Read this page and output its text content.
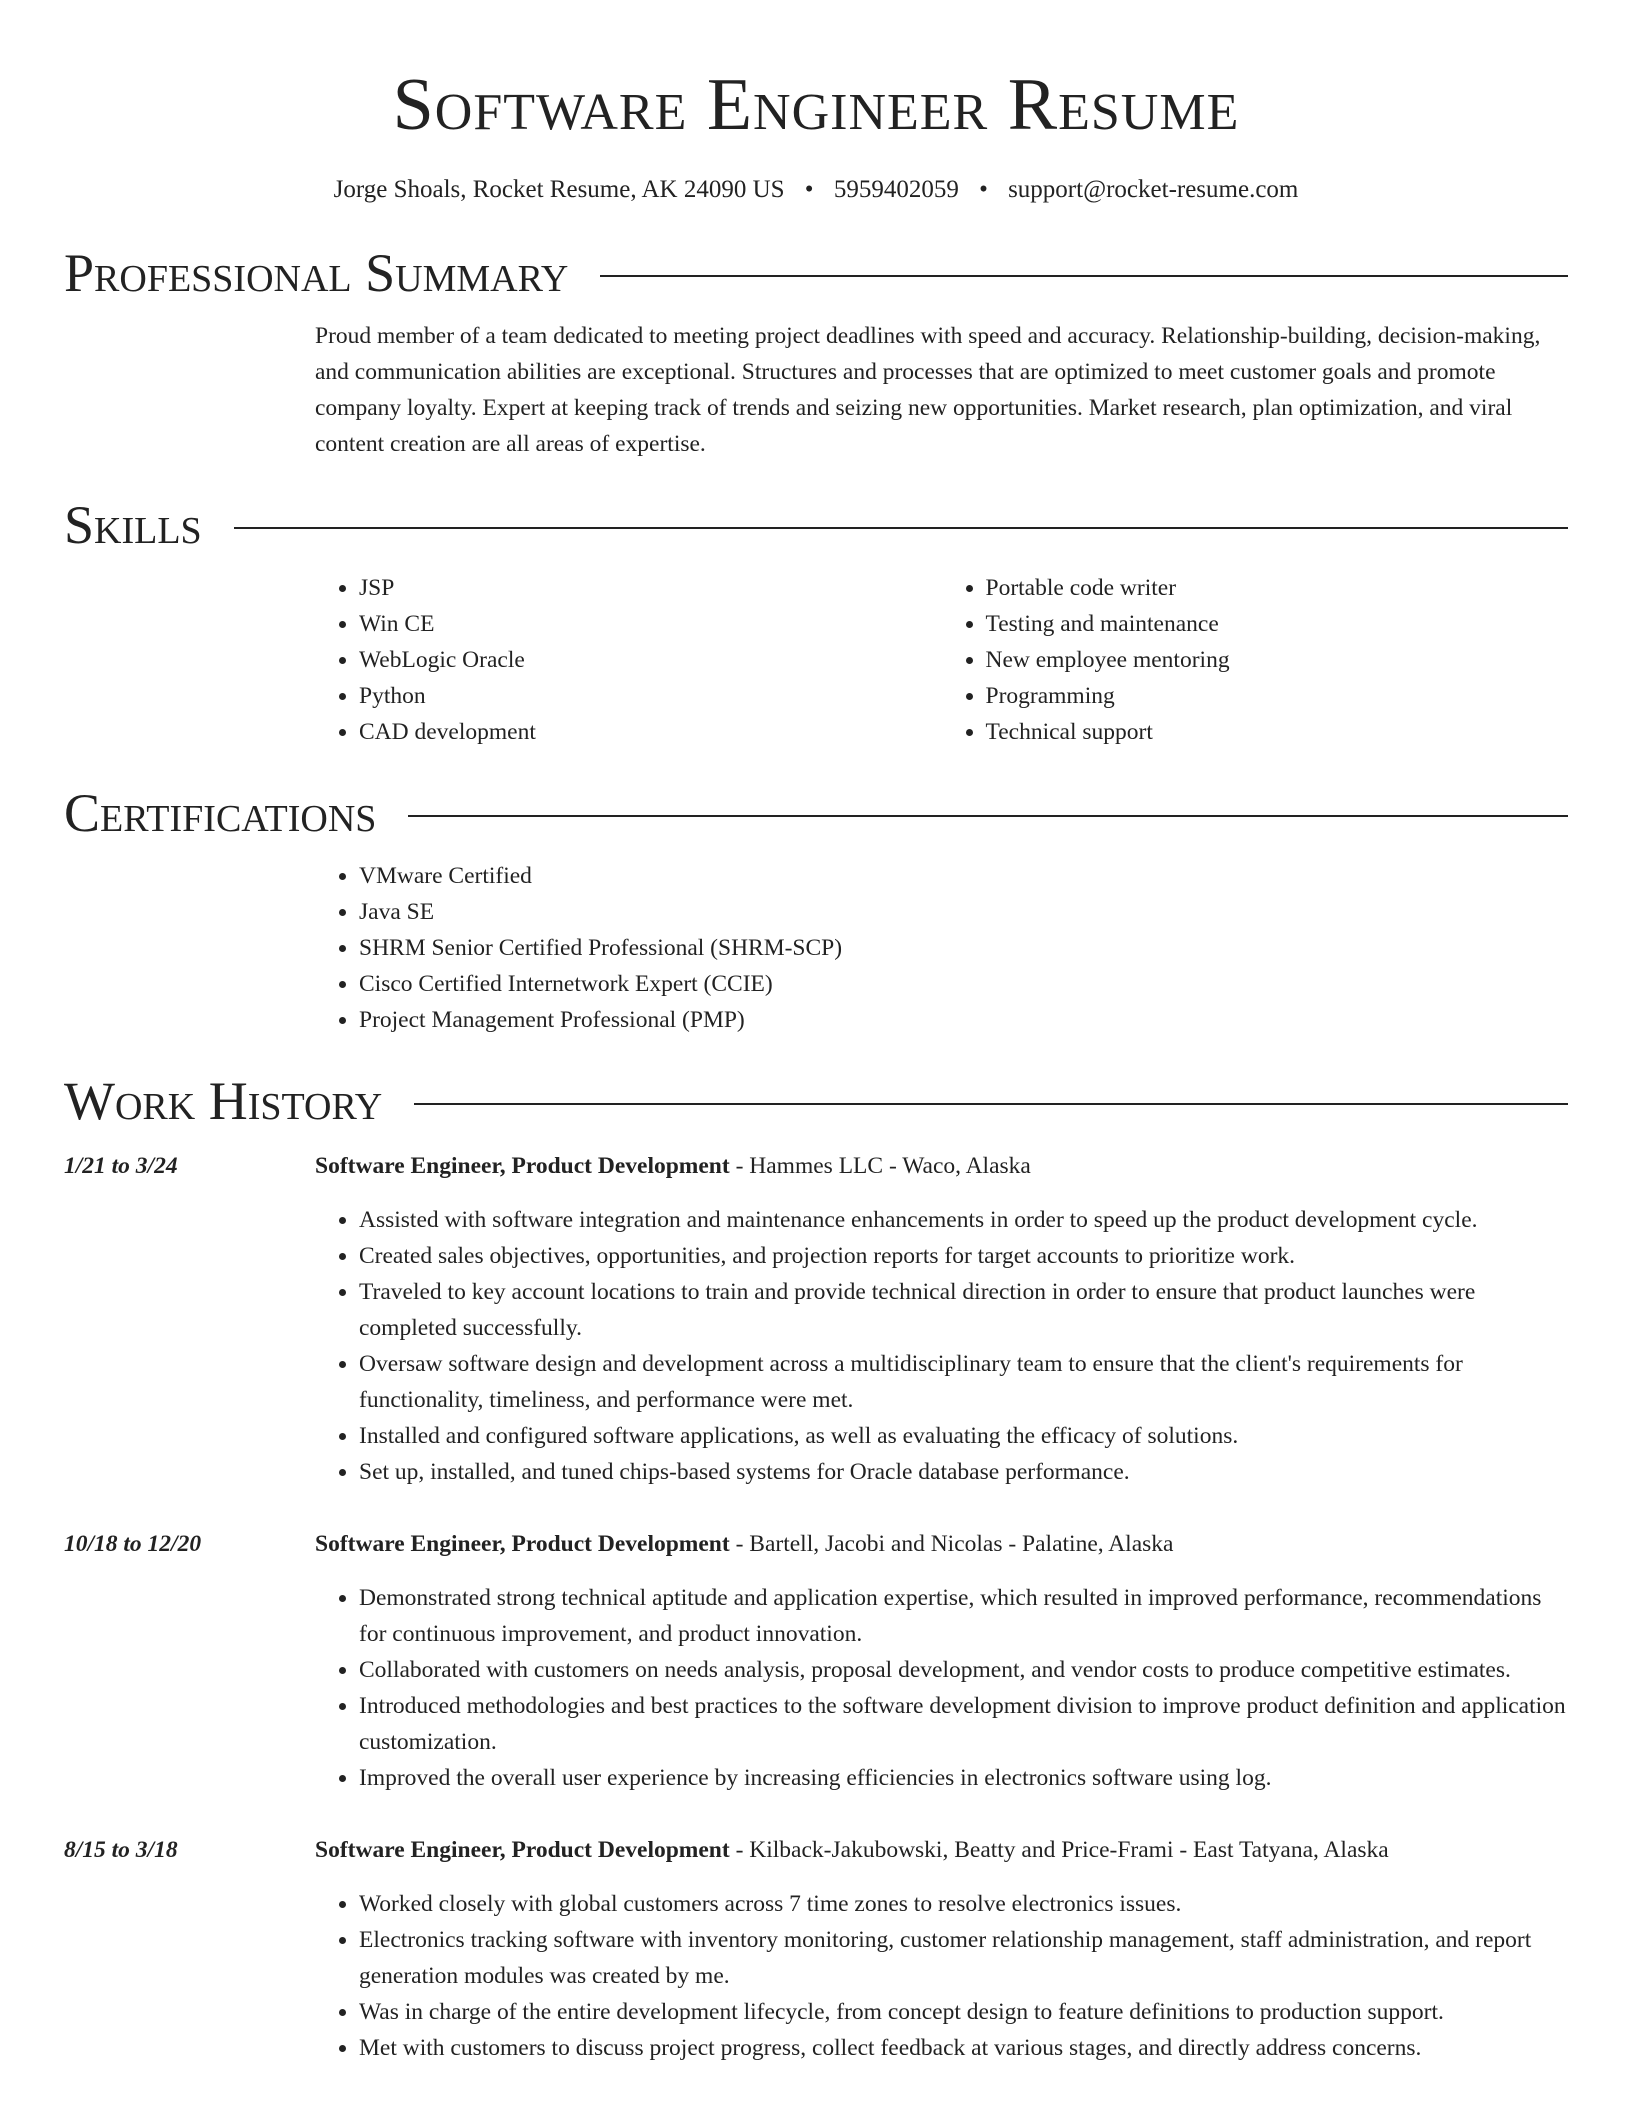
Software Engineer Resume
Jorge Shoals, Rocket Resume, AK 24090 US • 5959402059 • support@rocket-resume.com
Professional Summary

Proud member of a team dedicated to meeting project deadlines with speed and accuracy. Relationship-building, decision-making, and communication abilities are exceptional. Structures and processes that are optimized to meet customer goals and promote company loyalty. Expert at keeping track of trends and seizing new opportunities. Market research, plan optimization, and viral content creation are all areas of expertise.

Skills
• JSP
• Win CE
• WebLogic Oracle
• Python
• CAD development
• Portable code writer
• Testing and maintenance
• New employee mentoring
• Programming
• Technical support
Certifications
• VMware Certified
• Java SE
• SHRM Senior Certified Professional (SHRM-SCP)
• Cisco Certified Internetwork Expert (CCIE)
• Project Management Professional (PMP)
Work History
1/21 to 3/24	Software Engineer, Product Development - Hammes LLC - Waco, Alaska
• Assisted with software integration and maintenance enhancements in order to speed up the product development cycle.
• Created sales objectives, opportunities, and projection reports for target accounts to prioritize work.
• Traveled to key account locations to train and provide technical direction in order to ensure that product launches were completed successfully.
• Oversaw software design and development across a multidisciplinary team to ensure that the client's requirements for functionality, timeliness, and performance were met.
• Installed and configured software applications, as well as evaluating the efficacy of solutions.
• Set up, installed, and tuned chips-based systems for Oracle database performance.
10/18 to 12/20	Software Engineer, Product Development - Bartell, Jacobi and Nicolas - Palatine, Alaska
• Demonstrated strong technical aptitude and application expertise, which resulted in improved performance, recommendations for continuous improvement, and product innovation.
• Collaborated with customers on needs analysis, proposal development, and vendor costs to produce competitive estimates.
• Introduced methodologies and best practices to the software development division to improve product definition and application customization.
• Improved the overall user experience by increasing efficiencies in electronics software using log.
8/15 to 3/18	Software Engineer, Product Development - Kilback-Jakubowski, Beatty and Price-Frami - East Tatyana, Alaska
• Worked closely with global customers across 7 time zones to resolve electronics issues.
• Electronics tracking software with inventory monitoring, customer relationship management, staff administration, and report generation modules was created by me.
• Was in charge of the entire development lifecycle, from concept design to feature definitions to production support.
• Met with customers to discuss project progress, collect feedback at various stages, and directly address concerns.
